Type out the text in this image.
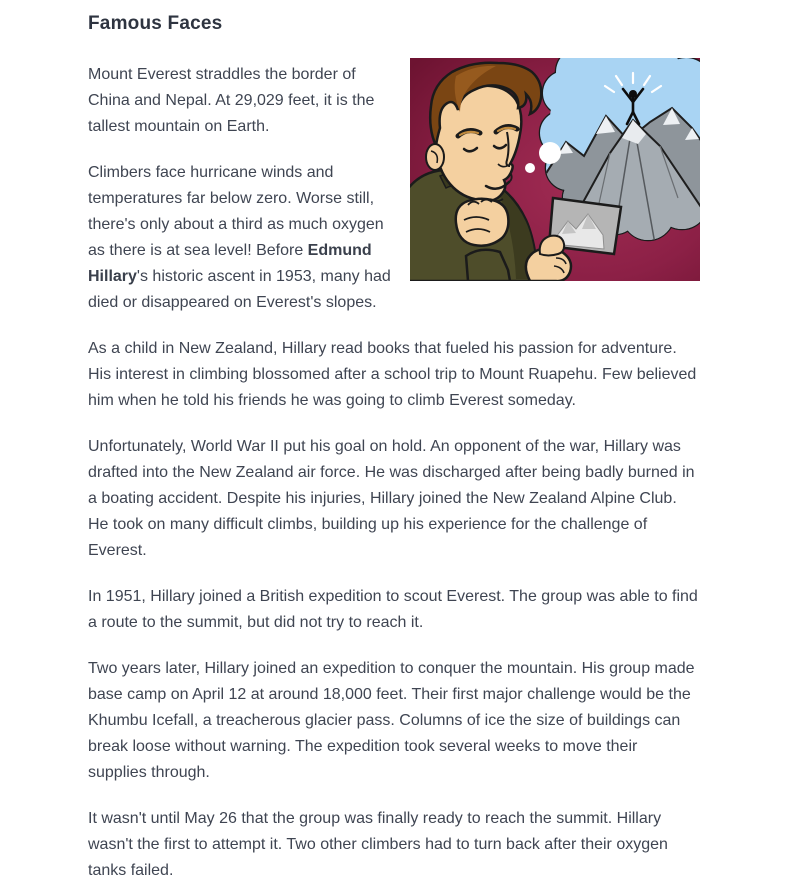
Famous Faces

Mount Everest straddles the border of China and Nepal. At 29,029 feet, it is the tallest mountain on Earth.

Climbers face hurricane winds and temperatures far below zero. Worse still, there's only about a third as much oxygen as there is at sea level! Before Edmund Hillary's historic ascent in 1953, many had died or disappeared on Everest's slopes.

As a child in New Zealand, Hillary read books that fueled his passion for adventure. His interest in climbing blossomed after a school trip to Mount Ruapehu. Few believed him when he told his friends he was going to climb Everest someday.

Unfortunately, World War II put his goal on hold. An opponent of the war, Hillary was drafted into the New Zealand air force. He was discharged after being badly burned in a boating accident. Despite his injuries, Hillary joined the New Zealand Alpine Club. He took on many difficult climbs, building up his experience for the challenge of Everest.

In 1951, Hillary joined a British expedition to scout Everest. The group was able to find a route to the summit, but did not try to reach it.

Two years later, Hillary joined an expedition to conquer the mountain. His group made base camp on April 12 at around 18,000 feet. Their first major challenge would be the Khumbu Icefall, a treacherous glacier pass. Columns of ice the size of buildings can break loose without warning. The expedition took several weeks to move their supplies through.

It wasn't until May 26 that the group was finally ready to reach the summit. Hillary wasn't the first to attempt it. Two other climbers had to turn back after their oxygen tanks failed.
